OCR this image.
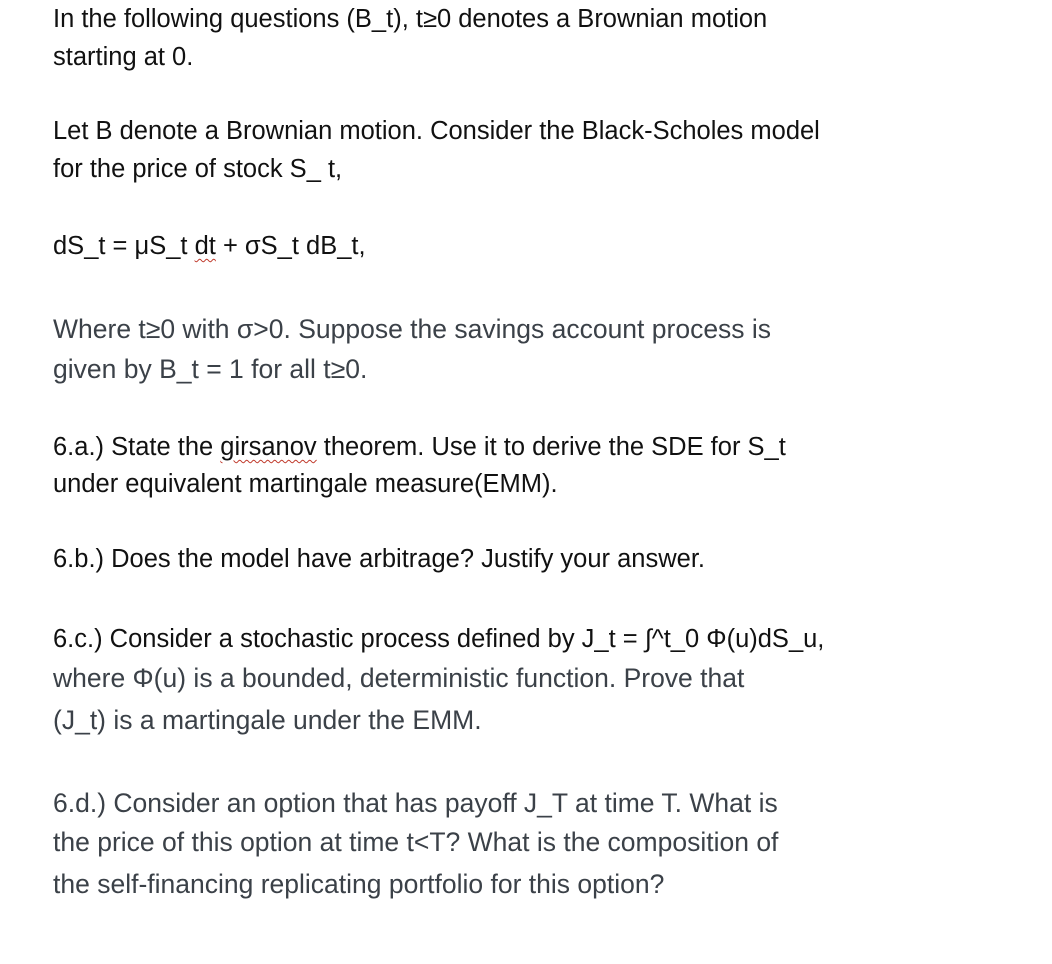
In the following questions (B_t), t≥0 denotes a Brownian motion
starting at 0.
Let B denote a Brownian motion. Consider the Black-Scholes model
for the price of stock S_ t,
dS_t = μS_t dt + σS_t dB_t,
Where t≥0 with σ>0. Suppose the savings account process is
given by B_t = 1 for all t≥0.
6.a.) State the girsanov theorem. Use it to derive the SDE for S_t
under equivalent martingale measure(EMM).
6.b.) Does the model have arbitrage? Justify your answer.
6.c.) Consider a stochastic process defined by J_t = ∫^t_0 Φ(u)dS_u,
where Φ(u) is a bounded, deterministic function. Prove that
(J_t) is a martingale under the EMM.
6.d.) Consider an option that has payoff J_T at time T. What is
the price of this option at time t<T? What is the composition of
the self-financing replicating portfolio for this option?
